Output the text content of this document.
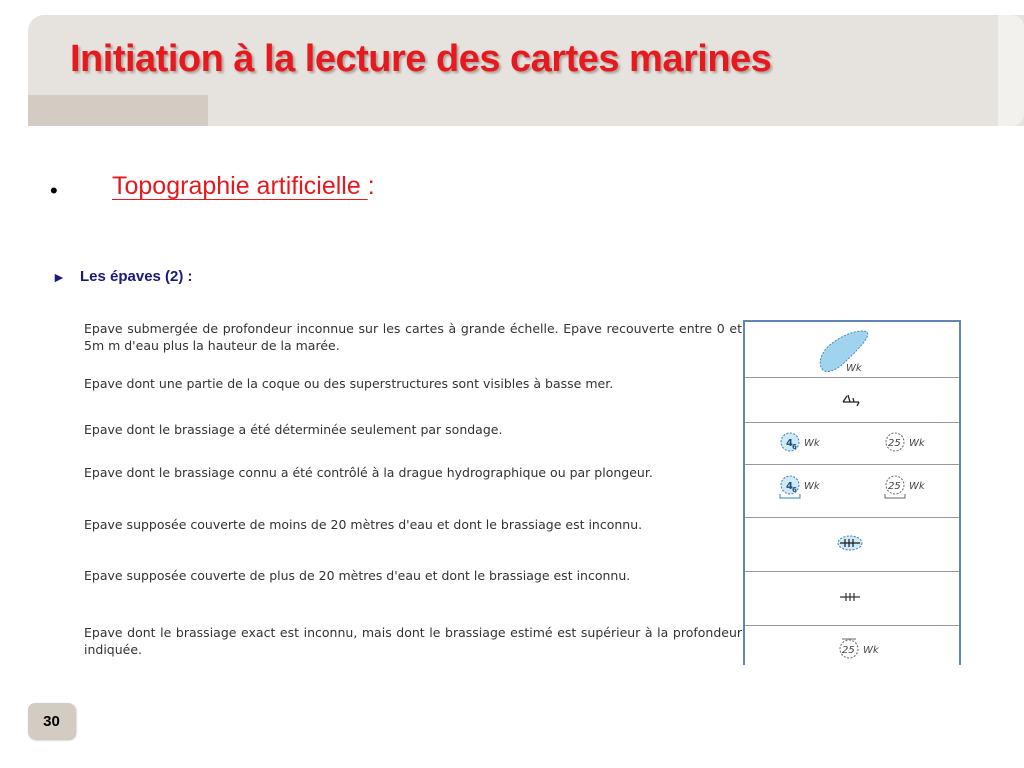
Initiation à la lecture des cartes marines
• Topographie artificielle :
► Les épaves (2) :
Epave submergée de profondeur inconnue sur les cartes à grande échelle. Epave recouverte entre 0 et 5m m d'eau plus la hauteur de la marée.
Epave dont une partie de la coque ou des superstructures sont visibles à basse mer.
Epave dont le brassiage a été déterminée seulement par sondage.
Epave dont le brassiage connu a été contrôlé à la drague hydrographique ou par plongeur.
Epave supposée couverte de moins de 20 mètres d'eau et dont le brassiage est inconnu.
Epave supposée couverte de plus de 20 mètres d'eau et dont le brassiage est inconnu.
Epave dont le brassiage exact est inconnu, mais dont le brassiage estimé est supérieur à la profondeur indiquée.
Wk
4 6 Wk	25 Wk
4 6 Wk	25 Wk
25 Wk
30
